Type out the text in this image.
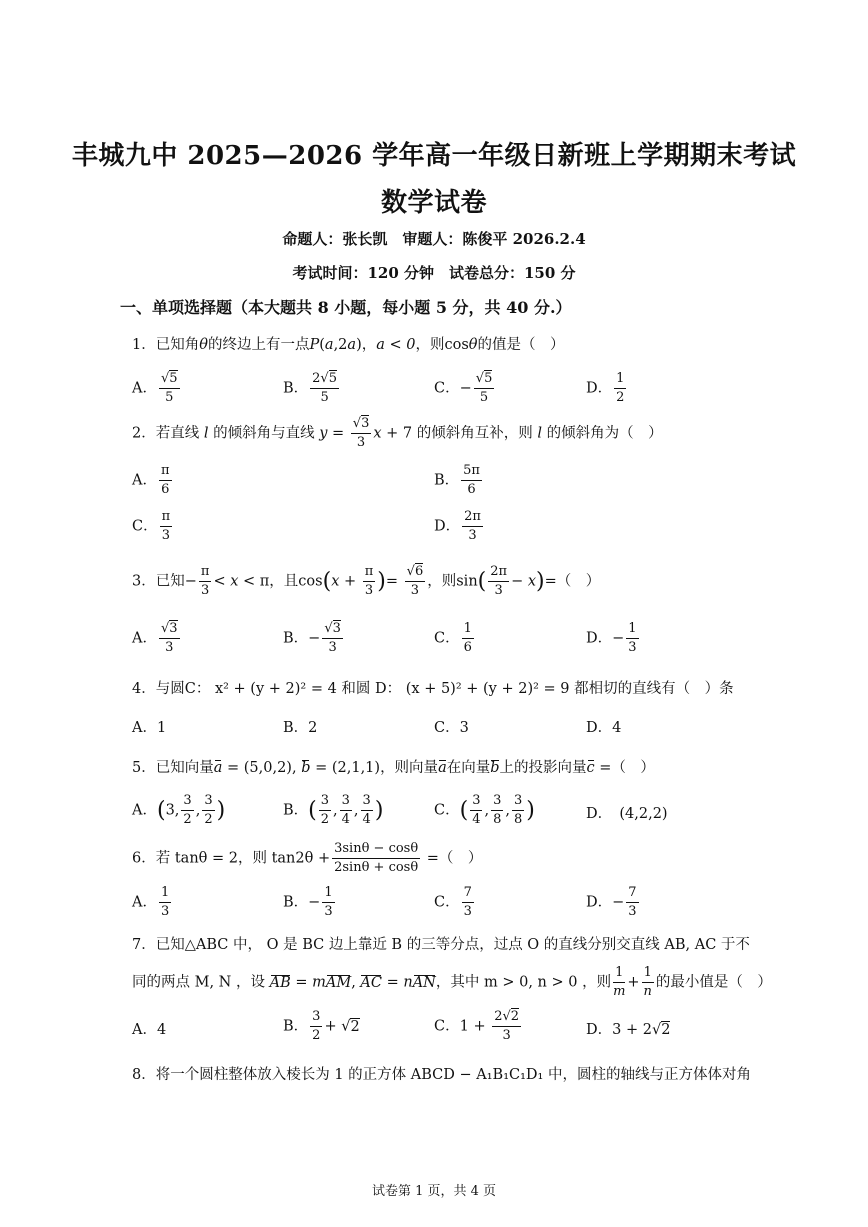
丰城九中 2025—2026 学年高一年级日新班上学期期末考试
数学试卷
命题人：张长凯　审题人：陈俊平 2026.2.4
考试时间：120 分钟　试卷总分：150 分
一、单项选择题（本大题共 8 小题，每小题 5 分，共 40 分.）
1．已知角θ的终边上有一点P(a,2a)，a < 0，则cosθ的值是（　）
A． $\frac{√5}{5}$	B． $\frac{2√5}{5}$	C．− $\frac{√5}{5}$	D． $\frac{1}{2}$
2．若直线 l 的倾斜角与直线 $y = \frac{√3}{3}$ x + 7 的倾斜角互补，则 l 的倾斜角为（　）
A． $\frac{\pi}{6}$	B． $\frac{5\pi}{6}$
C． $\frac{\pi}{3}$	D． $\frac{2\pi}{3}$
3．已知− $\frac{\pi}{3} < x < \pi$，且$\cos(x + \frac{\pi}{3}$ )= $\frac{√6}{3}$ ，则$\sin( \frac{2\pi}{3} - x)=$（　）
A． $\frac{√3}{3}$	B．− $\frac{√3}{3}$	C． $\frac{1}{6}$	D．− $\frac{1}{3}$
4．与圆C： x² + (y + 2)² = 4 和圆 D： (x + 5)² + (y + 2)² = 9 都相切的直线有（　）条
A．1	B．2	C．3	D．4
5．已知向量a = (5,0,2), b = (2,1,1)，则向量a在向量b上的投影向量c =（　）
A．(3, $\frac{3}{2}$ , $\frac{3}{2}$ )	B．( $\frac{3}{2}$ , $\frac{3}{4}$ , $\frac{3}{4}$ )	C．( $\frac{3}{4}$ , $\frac{3}{8}$ , $\frac{3}{8}$ )	D．　(4,2,2)
6．若 tanθ = 2，则 $\tan 2\theta + \frac{3\sin\theta - \cos\theta}{2\sin\theta + \cos\theta}$ =（　）
A． $\frac{1}{3}$	B．− $\frac{1}{3}$	C． $\frac{7}{3}$	D．− $\frac{7}{3}$
7．已知△ABC 中， O 是 BC 边上靠近 B 的三等分点，过点 O 的直线分别交直线 AB, AC 于不
同的两点 M, N ，设 AB = mAM, AC = nAN，其中 m > 0, n > 0 ，则 $\frac{1}{m} + \frac{1}{n}$ 的最小值是（　）
A．4	B． $\frac{3}{2} + √2$	C．$1 + \frac{2√2}{3}$	D．3 + 2√2
8．将一个圆柱整体放入棱长为 1 的正方体 ABCD − A₁B₁C₁D₁ 中，圆柱的轴线与正方体体对角
试卷第 1 页，共 4 页
